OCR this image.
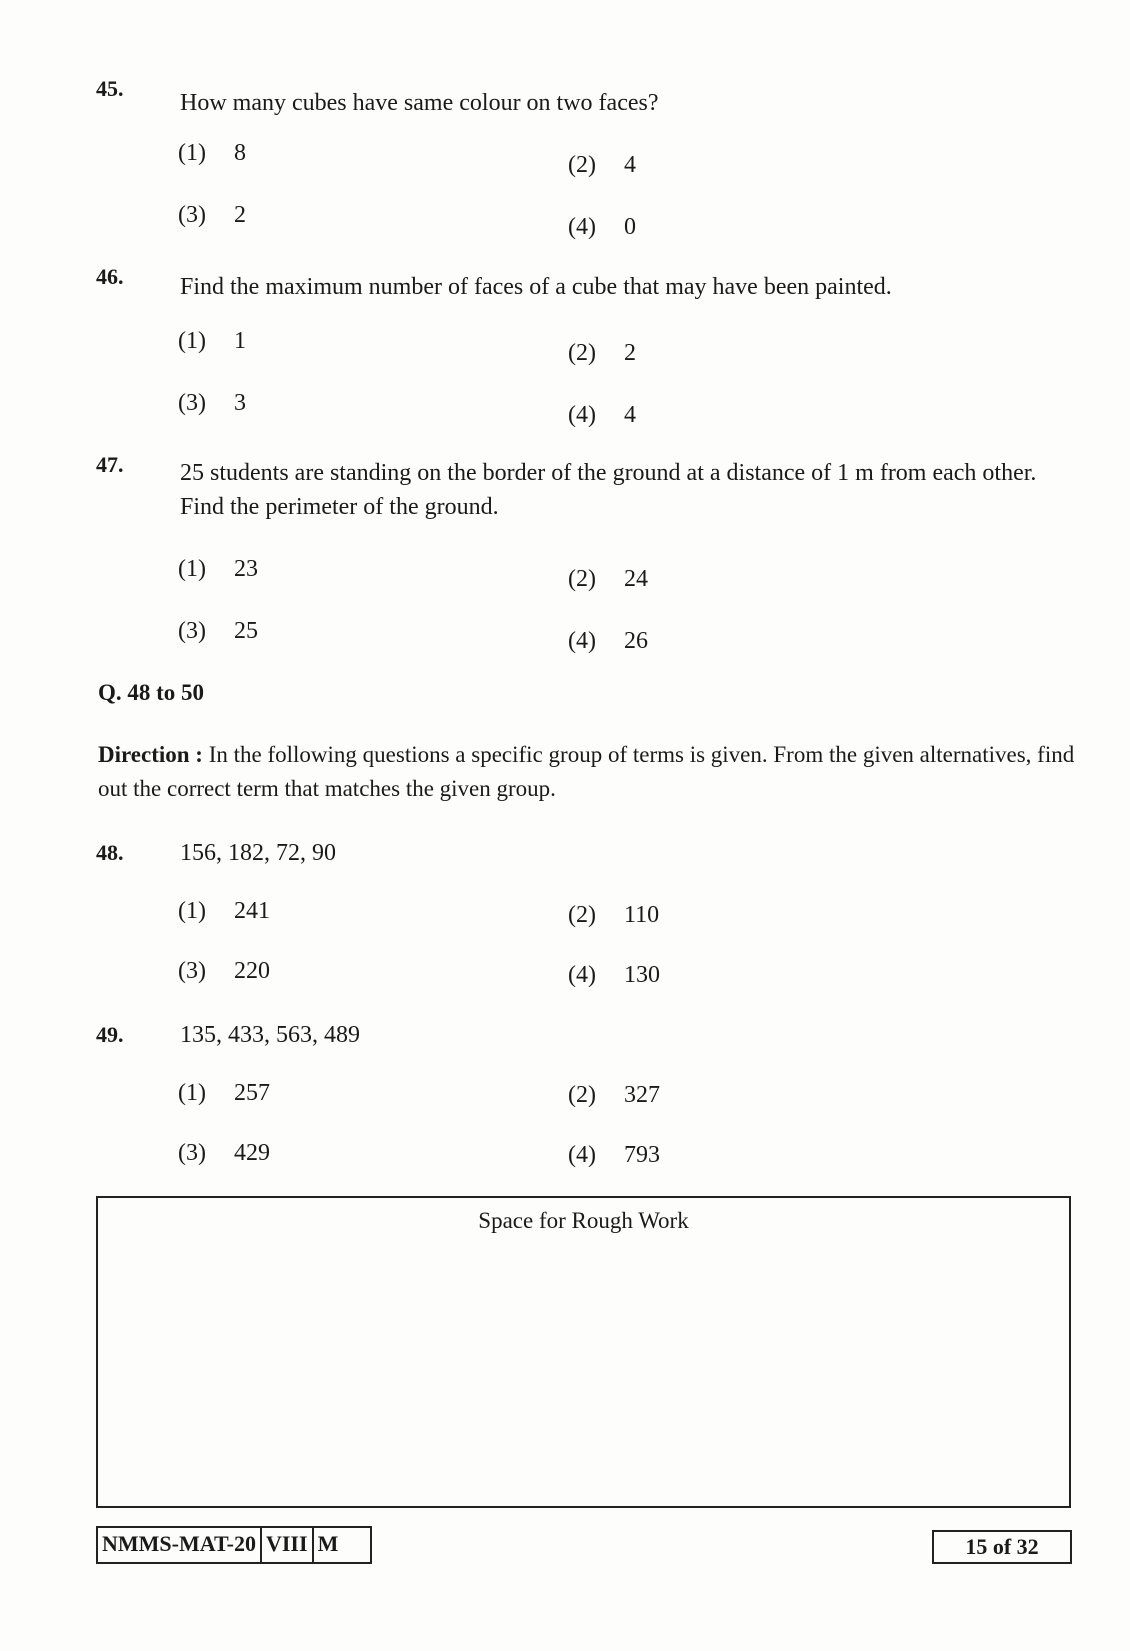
45.
How many cubes have same colour on two faces?
(1) 8	(2) 4
(3) 2	(4) 0
46. Find the maximum number of faces of a cube that may have been painted.
(1) 1	(2) 2
(3) 3	(4) 4
47. 25 students are standing on the border of the ground at a distance of 1 m from each other. Find the perimeter of the ground.
(1) 23	(2) 24
(3) 25	(4) 26
Q. 48 to 50
Direction : In the following questions a specific group of terms is given. From the given alternatives, find out the correct term that matches the given group.
48. 156, 182, 72, 90
(1) 241	(2) 110
(3) 220	(4) 130
49. 135, 433, 563, 489
(1) 257	(2) 327
(3) 429	(4) 793
Space for Rough Work
NMMS-MAT-20 VIII M	15 of 32
